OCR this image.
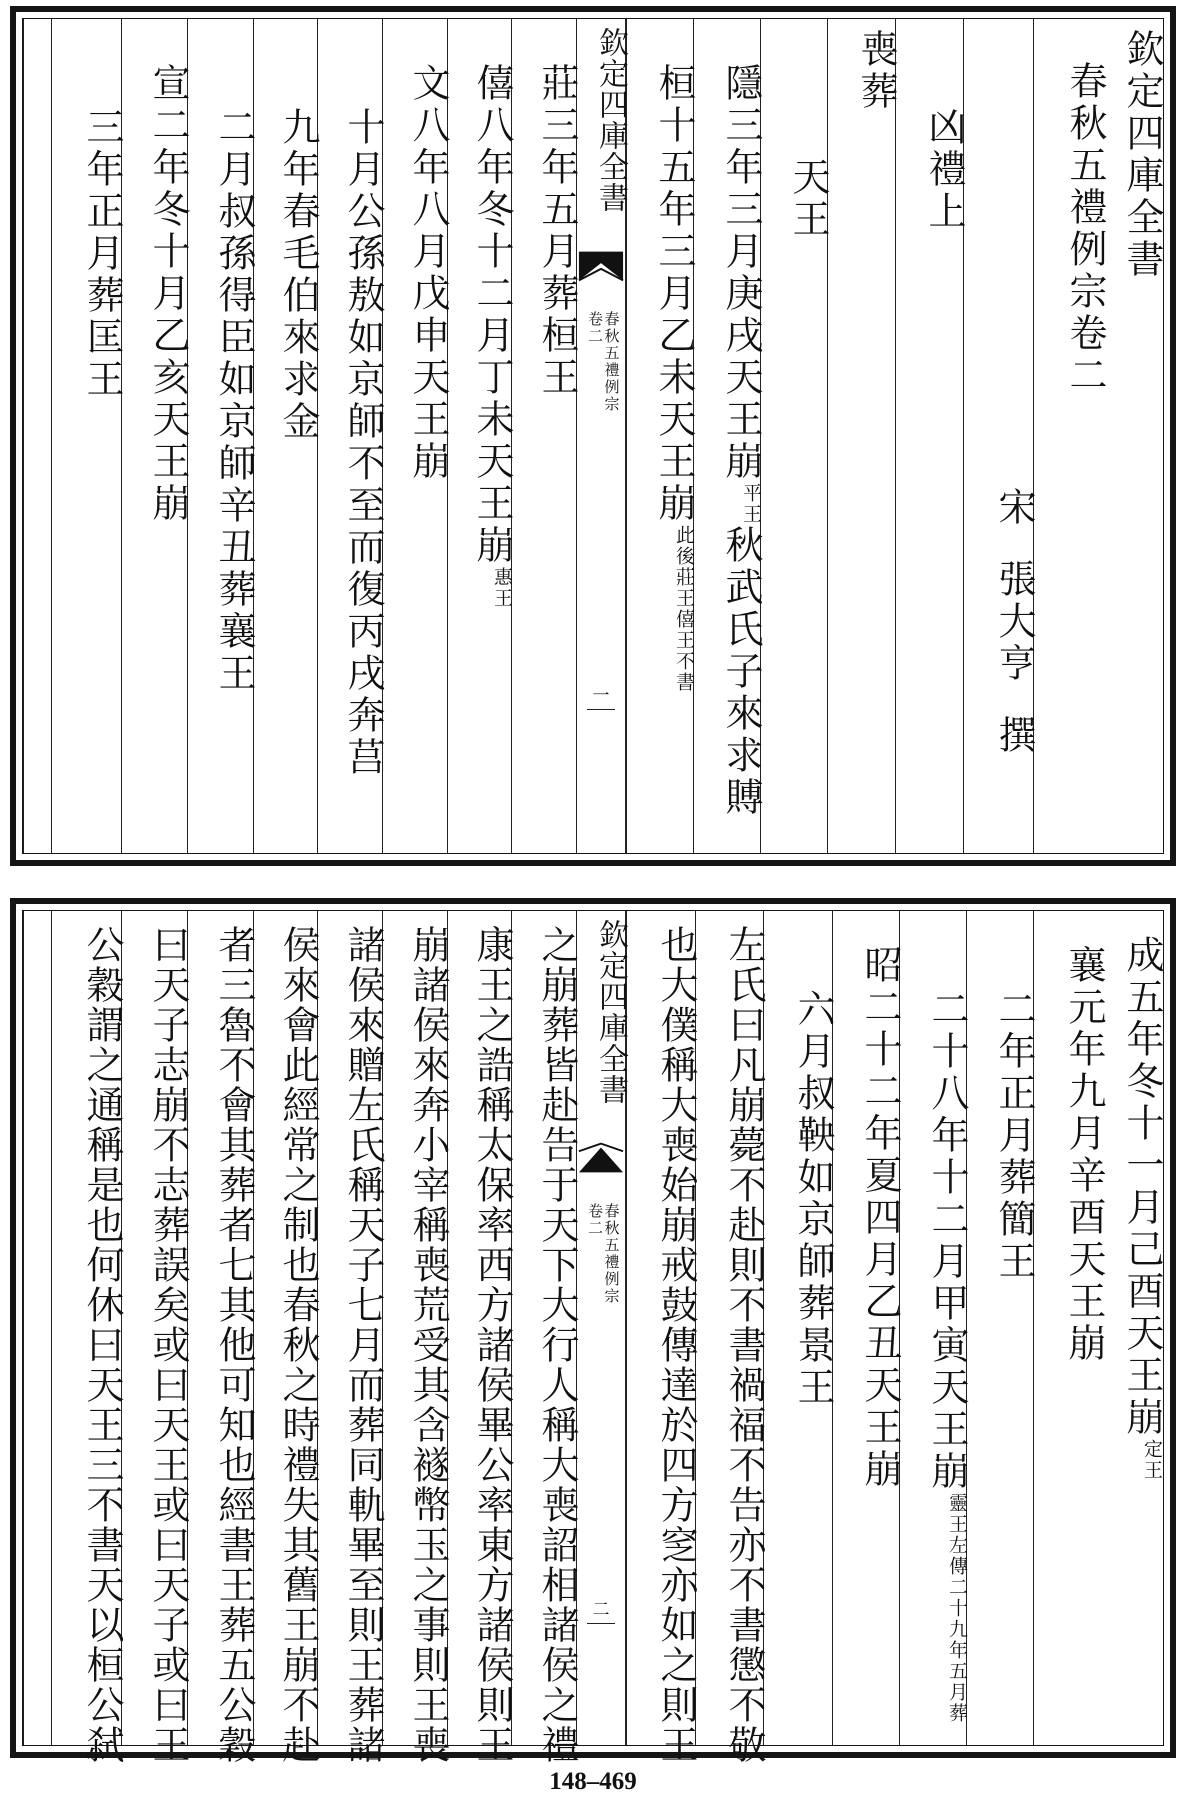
欽定四庫全書
春秋五禮例宗卷二
宋
張大亨
撰
凶禮上
喪葬
天王
隱三年三月庚戌天王崩
平王
秋武氏子來求賻
桓十五年三月乙未天王崩
此後莊王僖王不書
欽定四庫全書
春秋五禮例宗
卷二
一
莊三年五月葬桓王
僖八年冬十二月丁未天王崩
惠王
文八年八月戊申天王崩
十月公孫敖如京師不至而復丙戌奔莒
九年春毛伯來求金
二月叔孫得臣如京師辛丑葬襄王
宣二年冬十月乙亥天王崩
三年正月葬匡王
成五年冬十一月己酉天王崩
定王
襄元年九月辛酉天王崩
二年正月葬簡王
二十八年十二月甲寅天王崩
靈王左傳二十九年五月葬
昭二十二年夏四月乙丑天王崩
六月叔鞅如京師葬景王
左氏曰凡崩薨不赴則不書禍福不告亦不書懲不敬
也大僕稱大喪始崩戒鼓傳達於四方窆亦如之則王
欽定四庫全書
春秋五禮例宗
卷二
二
之崩葬皆赴告于天下大行人稱大喪詔相諸侯之禮
康王之誥稱太保率西方諸侯畢公率東方諸侯則王
崩諸侯來奔小宰稱喪荒受其含襚幣玉之事則王喪
諸侯來贈左氏稱天子七月而葬同軌畢至則王葬諸
侯來會此經常之制也春秋之時禮失其舊王崩不赴
者三魯不會其葬者七其他可知也經書王葬五公穀
曰天子志崩不志葬誤矣或曰天王或曰天子或曰王
公穀謂之通稱是也何休曰天王三不書天以桓公弑
148–469
